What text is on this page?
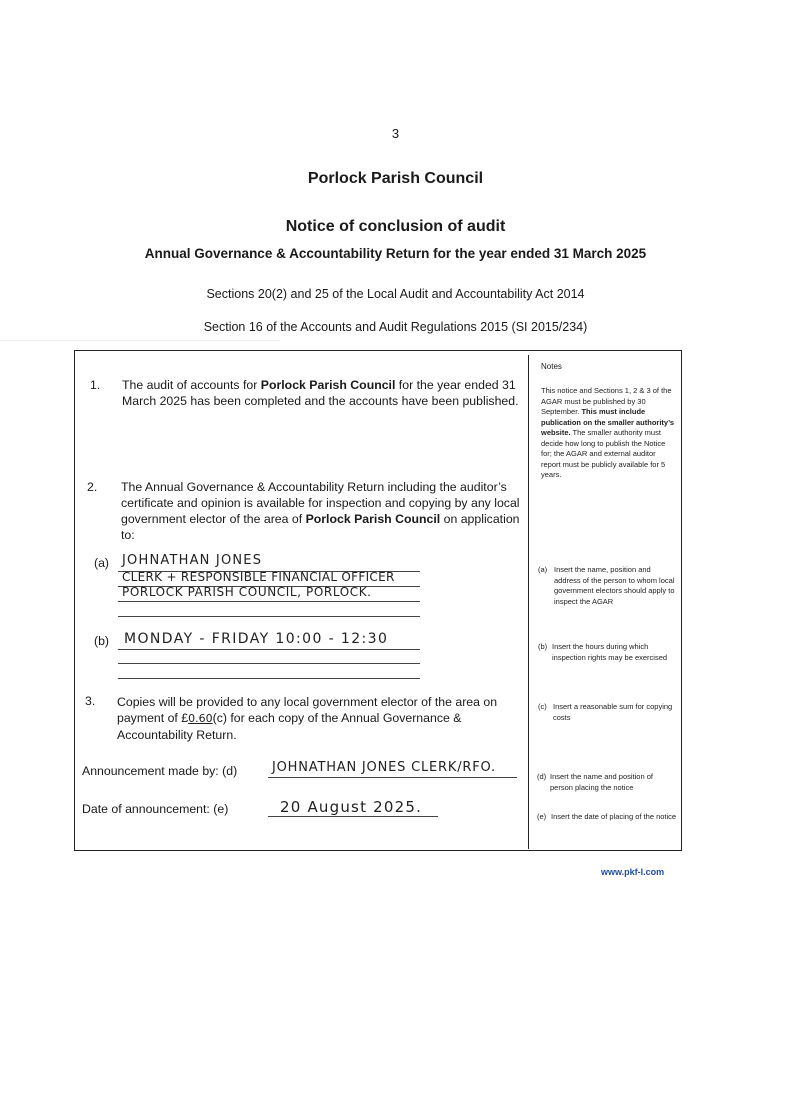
3
Porlock Parish Council
Notice of conclusion of audit
Annual Governance & Accountability Return for the year ended 31 March 2025
Sections 20(2) and 25 of the Local Audit and Accountability Act 2014
Section 16 of the Accounts and Audit Regulations 2015 (SI 2015/234)
1. The audit of accounts for Porlock Parish Council for the year ended 31 March 2025 has been completed and the accounts have been published.
2. The Annual Governance & Accountability Return including the auditor’s certificate and opinion is available for inspection and copying by any local government elector of the area of Porlock Parish Council on application to:
(a) JOHNATHAN JONES
CLERK + RESPONSIBLE FINANCIAL OFFICER
PORLOCK PARISH COUNCIL, PORLOCK.
(b) MONDAY - FRIDAY 10:00 - 12:30
3. Copies will be provided to any local government elector of the area on payment of £0.60(c) for each copy of the Annual Governance & Accountability Return.
Announcement made by: (d)	JOHNATHAN JONES CLERK/RFO.
Date of announcement: (e)	20 August 2025.
Notes
This notice and Sections 1, 2 & 3 of the AGAR must be published by 30 September. This must include publication on the smaller authority’s website. The smaller authority must decide how long to publish the Notice for; the AGAR and external auditor report must be publicly available for 5 years.
(a) Insert the name, position and address of the person to whom local government electors should apply to inspect the AGAR
(b) Insert the hours during which inspection rights may be exercised
(c) Insert a reasonable sum for copying costs
(d) Insert the name and position of person placing the notice
(e) Insert the date of placing of the notice
www.pkf-l.com
